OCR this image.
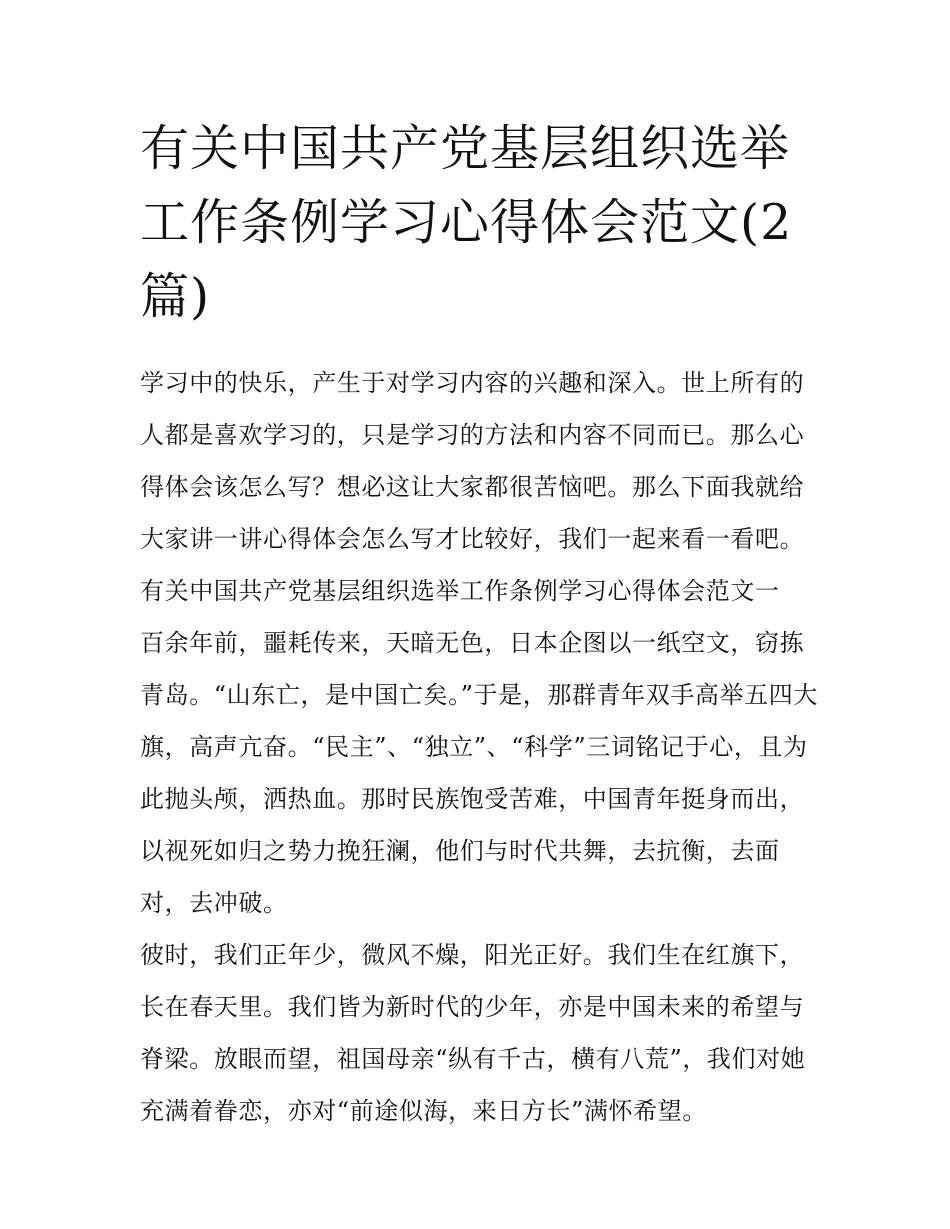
有关中国共产党基层组织选举
工作条例学习心得体会范文(2
篇)

学习中的快乐，产生于对学习内容的兴趣和深入。世上所有的人都是喜欢学习的，只是学习的方法和内容不同而已。那么心得体会该怎么写？想必这让大家都很苦恼吧。那么下面我就给大家讲一讲心得体会怎么写才比较好，我们一起来看一看吧。

有关中国共产党基层组织选举工作条例学习心得体会范文一

百余年前，噩耗传来，天暗无色，日本企图以一纸空文，窃拣青岛。“山东亡，是中国亡矣。”于是，那群青年双手高举五四大旗，高声亢奋。“民主”、“独立”、“科学”三词铭记于心，且为此抛头颅，洒热血。那时民族饱受苦难，中国青年挺身而出，以视死如归之势力挽狂澜，他们与时代共舞，去抗衡，去面对，去冲破。

彼时，我们正年少，微风不燥，阳光正好。我们生在红旗下，长在春天里。我们皆为新时代的少年，亦是中国未来的希望与脊梁。放眼而望，祖国母亲“纵有千古，横有八荒”，我们对她充满着眷恋，亦对“前途似海，来日方长”满怀希望。
